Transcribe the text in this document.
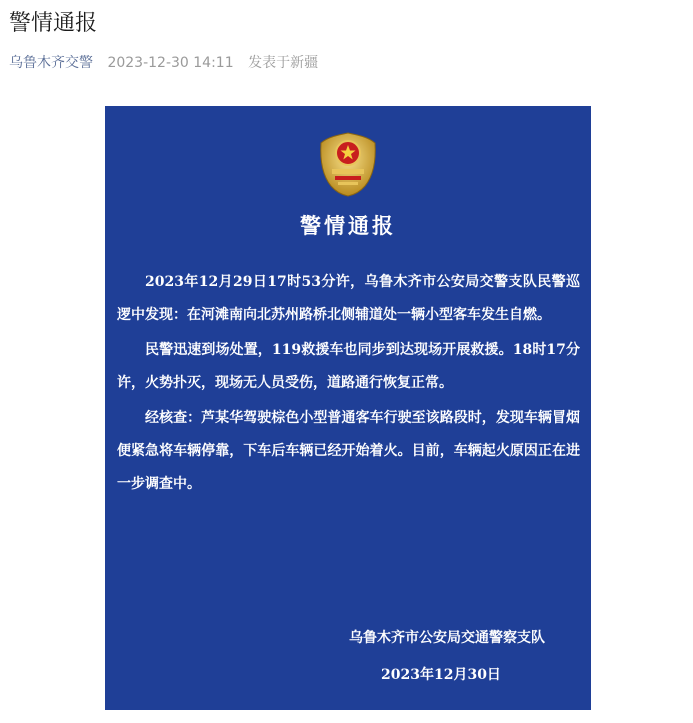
警情通报
乌鲁木齐交警 2023-12-30 14:11 发表于新疆
警情通报

2023年12月29日17时53分许，乌鲁木齐市公安局交警支队民警巡逻中发现：在河滩南向北苏州路桥北侧辅道处一辆小型客车发生自燃。

民警迅速到场处置，119救援车也同步到达现场开展救援。18时17分许，火势扑灭，现场无人员受伤，道路通行恢复正常。

经核查：芦某华驾驶棕色小型普通客车行驶至该路段时，发现车辆冒烟便紧急将车辆停靠，下车后车辆已经开始着火。目前，车辆起火原因正在进一步调查中。

乌鲁木齐市公安局交通警察支队
2023年12月30日
